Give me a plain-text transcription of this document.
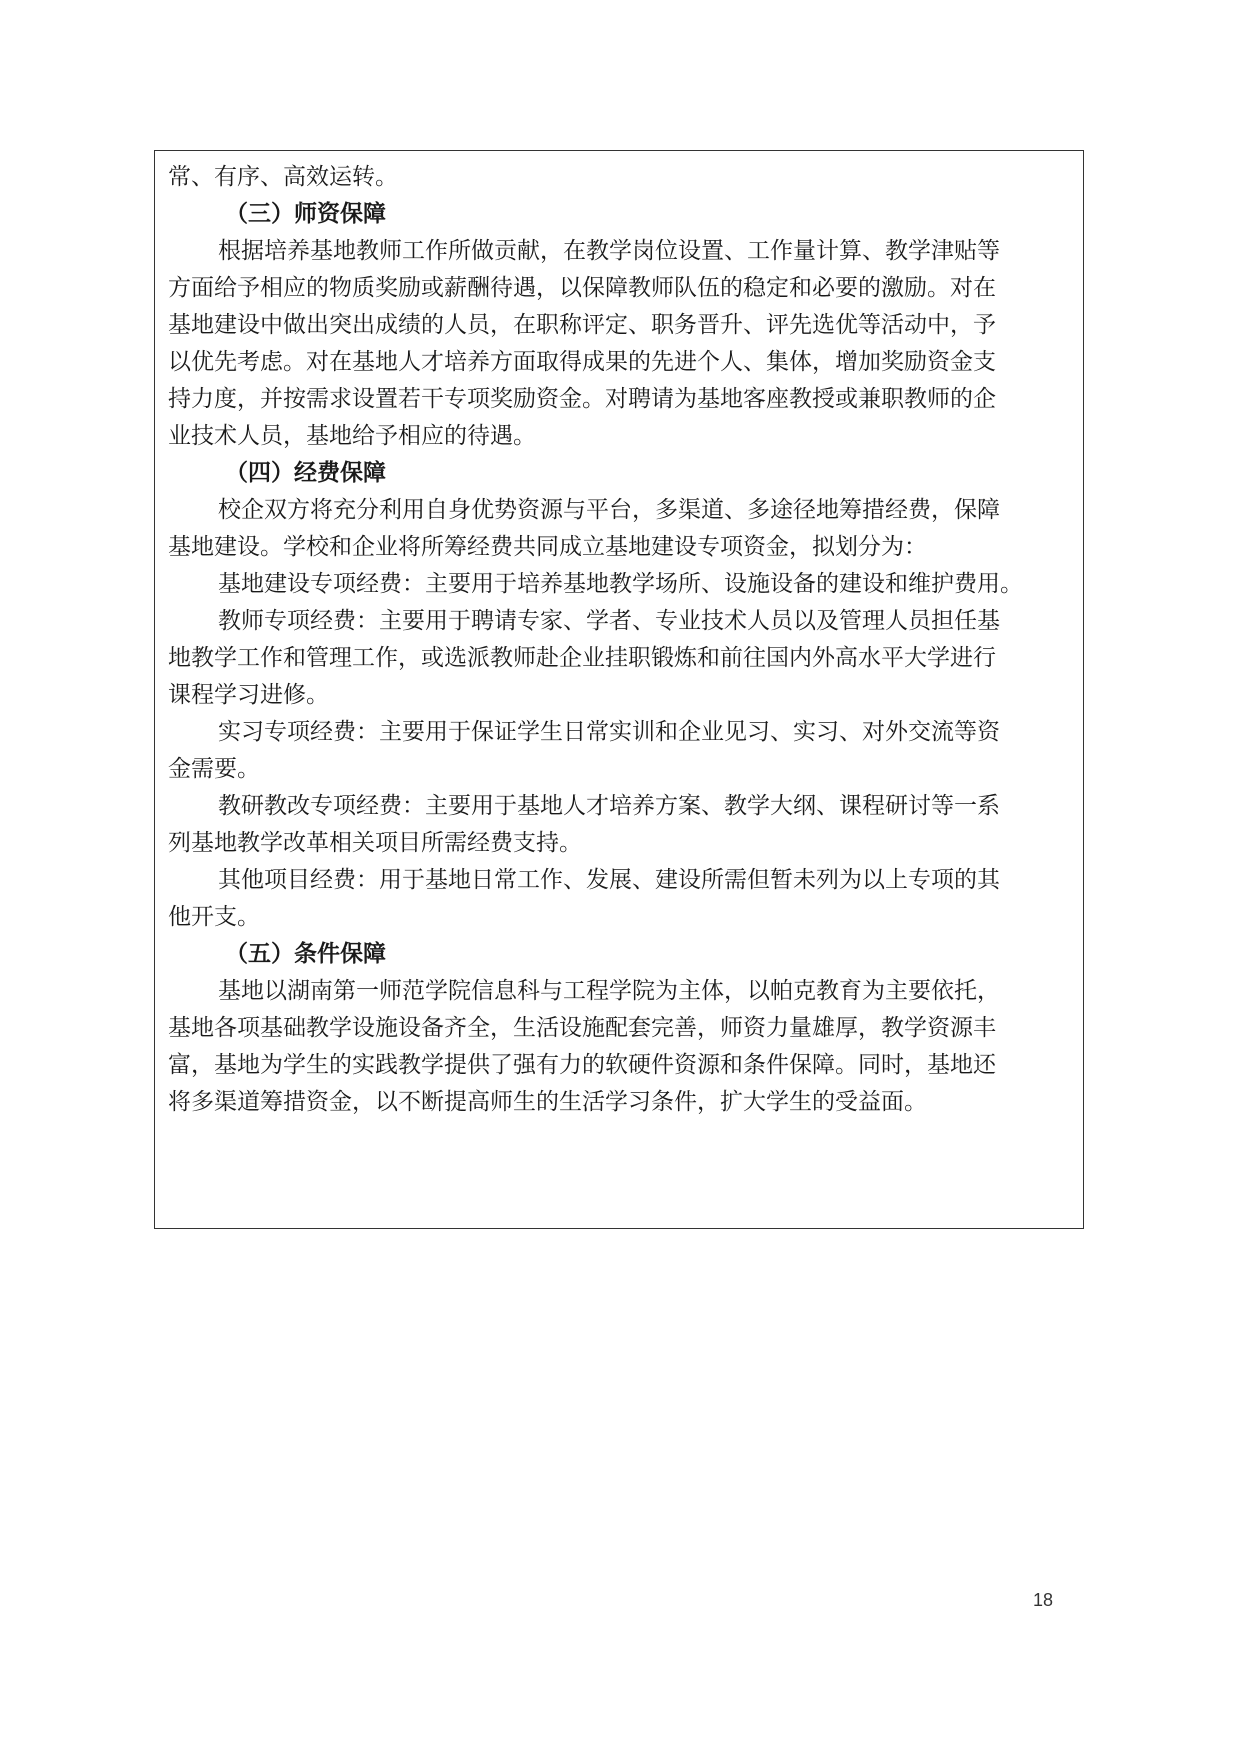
常、有序、高效运转。
（三）师资保障
根据培养基地教师工作所做贡献，在教学岗位设置、工作量计算、教学津贴等
方面给予相应的物质奖励或薪酬待遇，以保障教师队伍的稳定和必要的激励。对在
基地建设中做出突出成绩的人员，在职称评定、职务晋升、评先选优等活动中，予
以优先考虑。对在基地人才培养方面取得成果的先进个人、集体，增加奖励资金支
持力度，并按需求设置若干专项奖励资金。对聘请为基地客座教授或兼职教师的企
业技术人员，基地给予相应的待遇。
（四）经费保障
校企双方将充分利用自身优势资源与平台，多渠道、多途径地筹措经费，保障
基地建设。学校和企业将所筹经费共同成立基地建设专项资金，拟划分为：
基地建设专项经费：主要用于培养基地教学场所、设施设备的建设和维护费用。
教师专项经费：主要用于聘请专家、学者、专业技术人员以及管理人员担任基
地教学工作和管理工作，或选派教师赴企业挂职锻炼和前往国内外高水平大学进行
课程学习进修。
实习专项经费：主要用于保证学生日常实训和企业见习、实习、对外交流等资
金需要。
教研教改专项经费：主要用于基地人才培养方案、教学大纲、课程研讨等一系
列基地教学改革相关项目所需经费支持。
其他项目经费：用于基地日常工作、发展、建设所需但暂未列为以上专项的其
他开支。
（五）条件保障
基地以湖南第一师范学院信息科与工程学院为主体，以帕克教育为主要依托，
基地各项基础教学设施设备齐全，生活设施配套完善，师资力量雄厚，教学资源丰
富，基地为学生的实践教学提供了强有力的软硬件资源和条件保障。同时，基地还
将多渠道筹措资金，以不断提高师生的生活学习条件，扩大学生的受益面。
18
